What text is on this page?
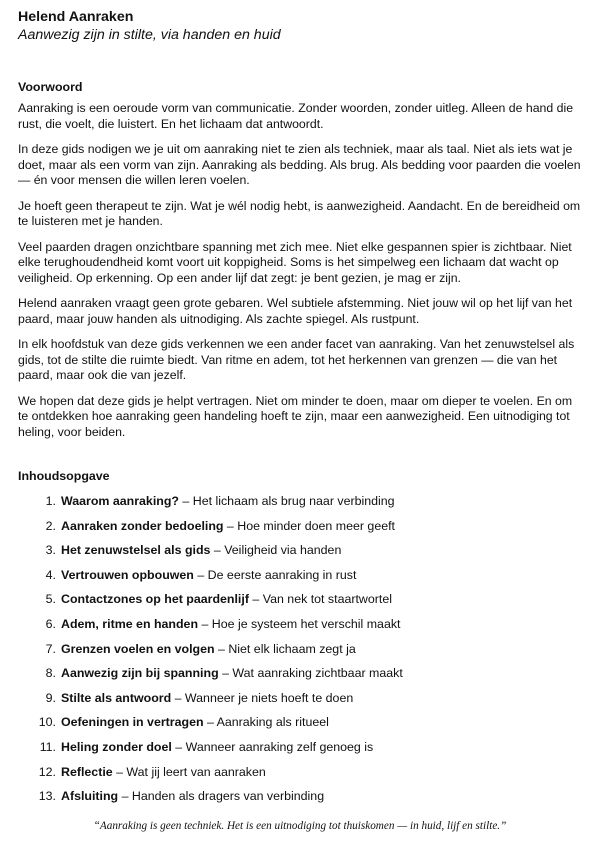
Helend Aanraken

Aanwezig zijn in stilte, via handen en huid

Voorwoord

Aanraking is een oeroude vorm van communicatie. Zonder woorden, zonder uitleg. Alleen de hand die rust, die voelt, die luistert. En het lichaam dat antwoordt.

In deze gids nodigen we je uit om aanraking niet te zien als techniek, maar als taal. Niet als iets wat je doet, maar als een vorm van zijn. Aanraking als bedding. Als brug. Als bedding voor paarden die voelen — én voor mensen die willen leren voelen.

Je hoeft geen therapeut te zijn. Wat je wél nodig hebt, is aanwezigheid. Aandacht. En de bereidheid om te luisteren met je handen.

Veel paarden dragen onzichtbare spanning met zich mee. Niet elke gespannen spier is zichtbaar. Niet elke terughoudendheid komt voort uit koppigheid. Soms is het simpelweg een lichaam dat wacht op veiligheid. Op erkenning. Op een ander lijf dat zegt: je bent gezien, je mag er zijn.

Helend aanraken vraagt geen grote gebaren. Wel subtiele afstemming. Niet jouw wil op het lijf van het paard, maar jouw handen als uitnodiging. Als zachte spiegel. Als rustpunt.

In elk hoofdstuk van deze gids verkennen we een ander facet van aanraking. Van het zenuwstelsel als gids, tot de stilte die ruimte biedt. Van ritme en adem, tot het herkennen van grenzen — die van het paard, maar ook die van jezelf.

We hopen dat deze gids je helpt vertragen. Niet om minder te doen, maar om dieper te voelen. En om te ontdekken hoe aanraking geen handeling hoeft te zijn, maar een aanwezigheid. Een uitnodiging tot heling, voor beiden.

Inhoudsopgave
1. Waarom aanraking? – Het lichaam als brug naar verbinding
2. Aanraken zonder bedoeling – Hoe minder doen meer geeft
3. Het zenuwstelsel als gids – Veiligheid via handen
4. Vertrouwen opbouwen – De eerste aanraking in rust
5. Contactzones op het paardenlijf – Van nek tot staartwortel
6. Adem, ritme en handen – Hoe je systeem het verschil maakt
7. Grenzen voelen en volgen – Niet elk lichaam zegt ja
8. Aanwezig zijn bij spanning – Wat aanraking zichtbaar maakt
9. Stilte als antwoord – Wanneer je niets hoeft te doen
10. Oefeningen in vertragen – Aanraking als ritueel
11. Heling zonder doel – Wanneer aanraking zelf genoeg is
12. Reflectie – Wat jij leert van aanraken
13. Afsluiting – Handen als dragers van verbinding

“Aanraking is geen techniek. Het is een uitnodiging tot thuiskomen — in huid, lijf en stilte.”
